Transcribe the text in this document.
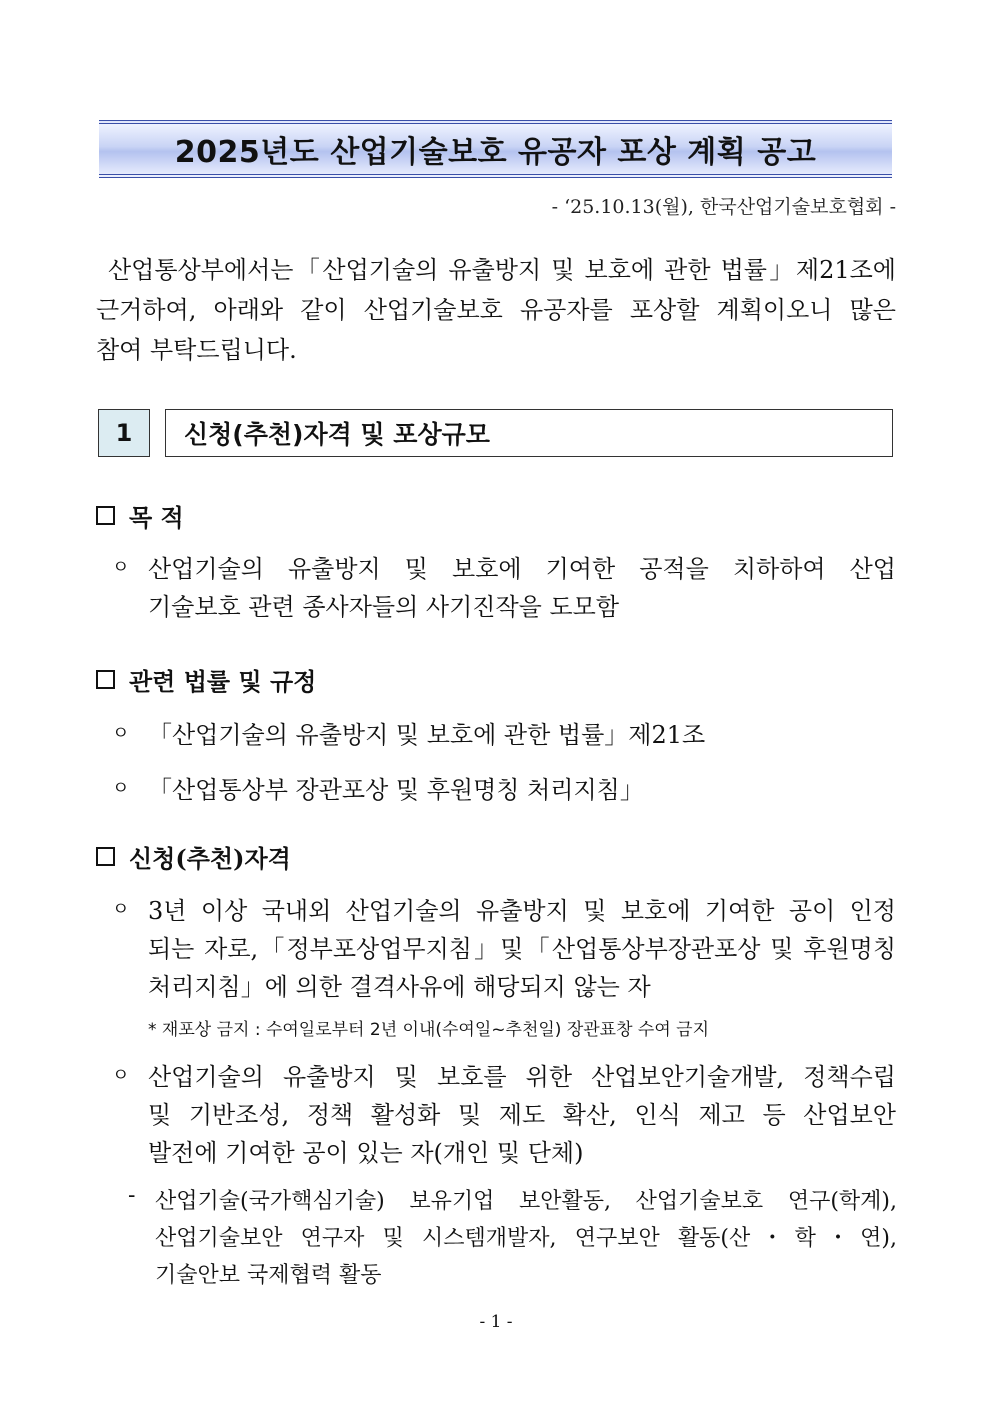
2025년도 산업기술보호 유공자 포상 계획 공고
- ‘25.10.13(월), 한국산업기술보호협회 -
산업통상부에서는「산업기술의 유출방지 및 보호에 관한 법률」제21조에
근거하여, 아래와 같이 산업기술보호 유공자를 포상할 계획이오니 많은
참여 부탁드립니다.
1	신청(추천)자격 및 포상규모
목 적
ㅇ 산업기술의 유출방지 및 보호에 기여한 공적을 치하하여 산업
기술보호 관련 종사자들의 사기진작을 도모함
관련 법률 및 규정
ㅇ 「산업기술의 유출방지 및 보호에 관한 법률」제21조
ㅇ 「산업통상부 장관포상 및 후원명칭 처리지침」
신청(추천)자격
ㅇ 3년 이상 국내외 산업기술의 유출방지 및 보호에 기여한 공이 인정
되는 자로,「정부포상업무지침」및「산업통상부장관포상 및 후원명칭
처리지침」에 의한 결격사유에 해당되지 않는 자
* 재포상 금지 : 수여일로부터 2년 이내(수여일~추천일) 장관표창 수여 금지
ㅇ 산업기술의 유출방지 및 보호를 위한 산업보안기술개발, 정책수립
및 기반조성, 정책 활성화 및 제도 확산, 인식 제고 등 산업보안
발전에 기여한 공이 있는 자(개인 및 단체)
- 산업기술(국가핵심기술) 보유기업 보안활동, 산업기술보호 연구(학계),
산업기술보안 연구자 및 시스템개발자, 연구보안 활동(산・학・연),
기술안보 국제협력 활동
- 1 -
